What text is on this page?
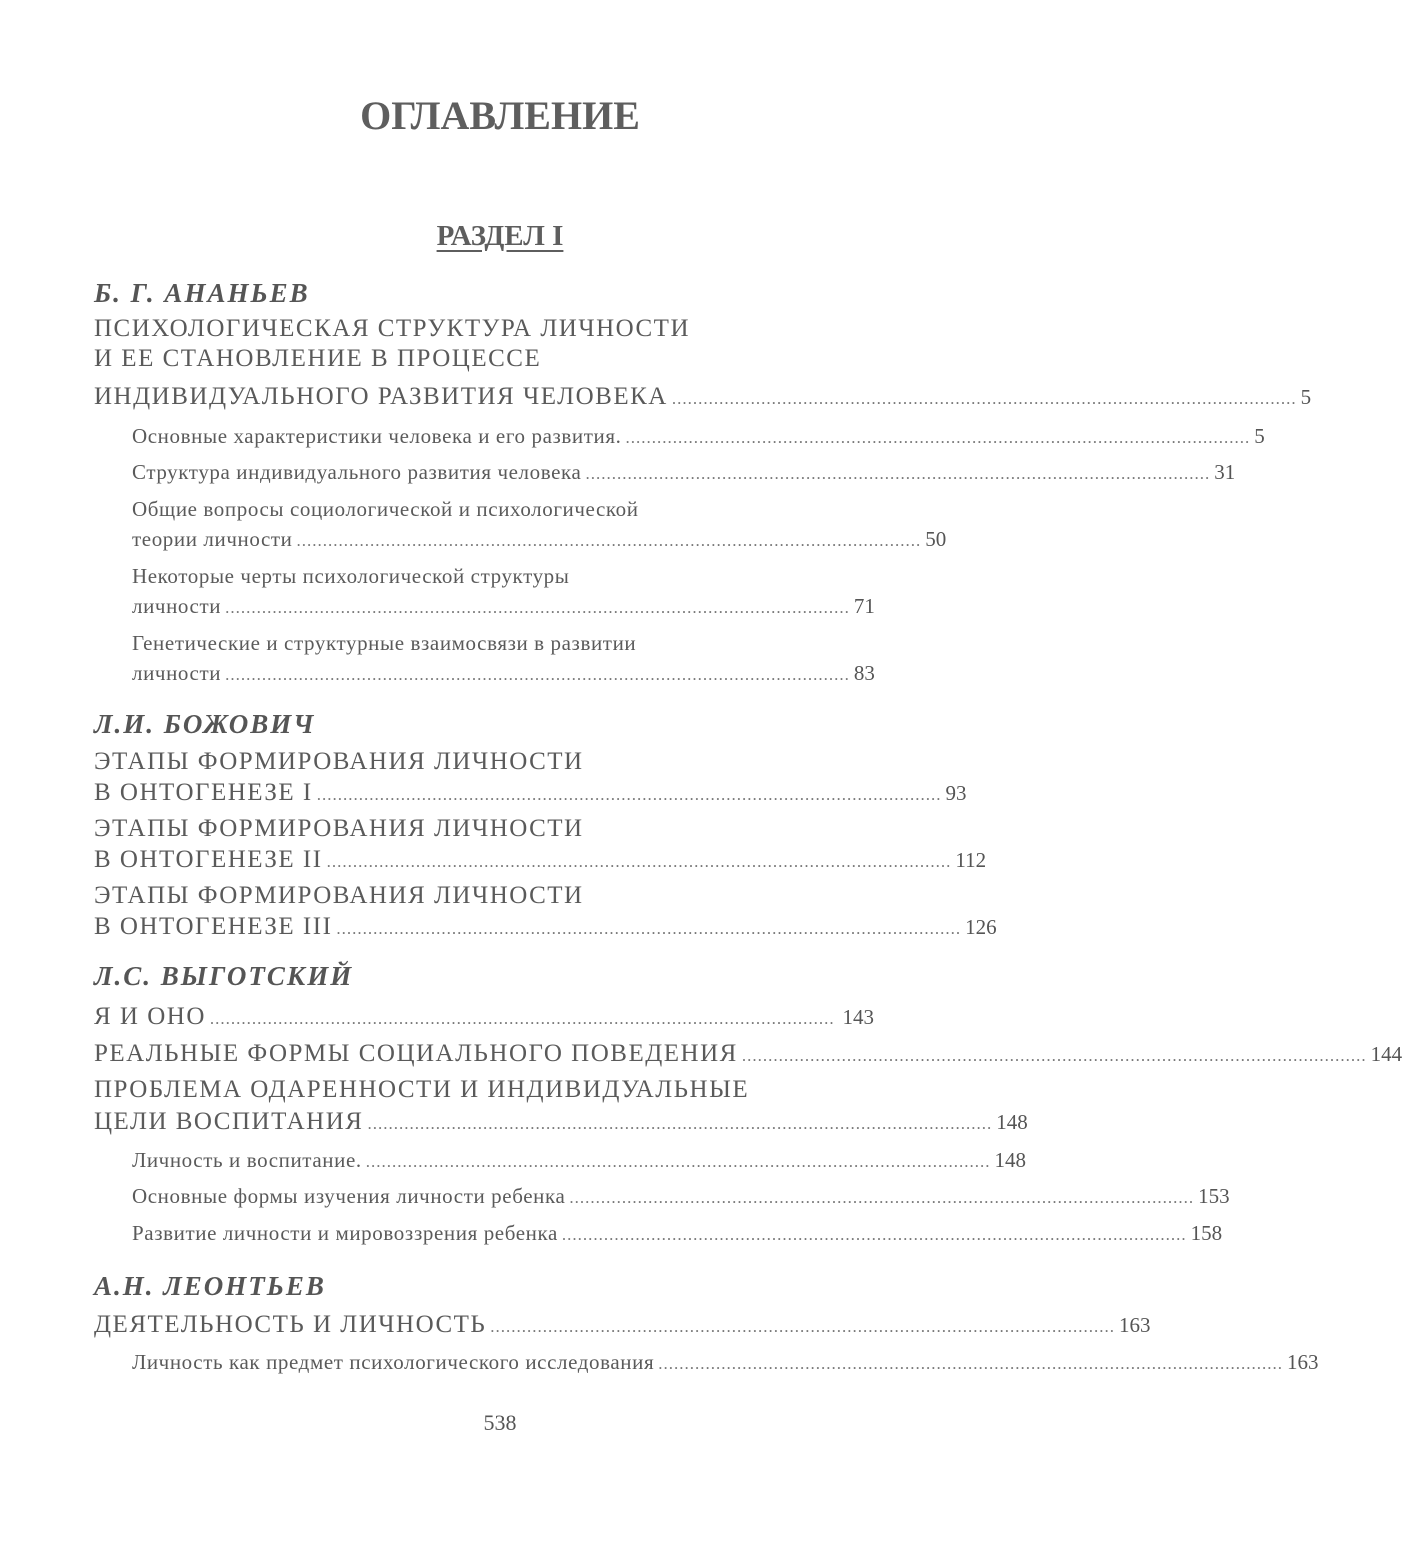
ОГЛАВЛЕНИЕ
РАЗДЕЛ I
Б. Г. АНАНЬЕВ
ПСИХОЛОГИЧЕСКАЯ СТРУКТУРА ЛИЧНОСТИ
И ЕЕ СТАНОВЛЕНИЕ В ПРОЦЕССЕ
ИНДИВИДУАЛЬНОГО РАЗВИТИЯ ЧЕЛОВЕКА ....................................................................................................................... 5
Основные характеристики человека и его развития. ....................................................................................................................... 5
Структура индивидуального развития человека ....................................................................................................................... 31
Общие вопросы социологической и психологической
теории личности ....................................................................................................................... 50
Некоторые черты психологической структуры
личности ....................................................................................................................... 71
Генетические и структурные взаимосвязи в развитии
личности ....................................................................................................................... 83
Л.И. БОЖОВИЧ
ЭТАПЫ ФОРМИРОВАНИЯ ЛИЧНОСТИ
В ОНТОГЕНЕЗЕ I ....................................................................................................................... 93
ЭТАПЫ ФОРМИРОВАНИЯ ЛИЧНОСТИ
В ОНТОГЕНЕЗЕ II ....................................................................................................................... 112
ЭТАПЫ ФОРМИРОВАНИЯ ЛИЧНОСТИ
В ОНТОГЕНЕЗЕ III ....................................................................................................................... 126
Л.С. ВЫГОТСКИЙ
Я И ОНО ....................................................................................................................... 143
РЕАЛЬНЫЕ ФОРМЫ СОЦИАЛЬНОГО ПОВЕДЕНИЯ ....................................................................................................................... 144
ПРОБЛЕМА ОДАРЕННОСТИ И ИНДИВИДУАЛЬНЫЕ
ЦЕЛИ ВОСПИТАНИЯ ....................................................................................................................... 148
Личность и воспитание. ....................................................................................................................... 148
Основные формы изучения личности ребенка ....................................................................................................................... 153
Развитие личности и мировоззрения ребенка ....................................................................................................................... 158
А.Н. ЛЕОНТЬЕВ
ДЕЯТЕЛЬНОСТЬ И ЛИЧНОСТЬ ....................................................................................................................... 163
Личность как предмет психологического исследования ....................................................................................................................... 163
538
